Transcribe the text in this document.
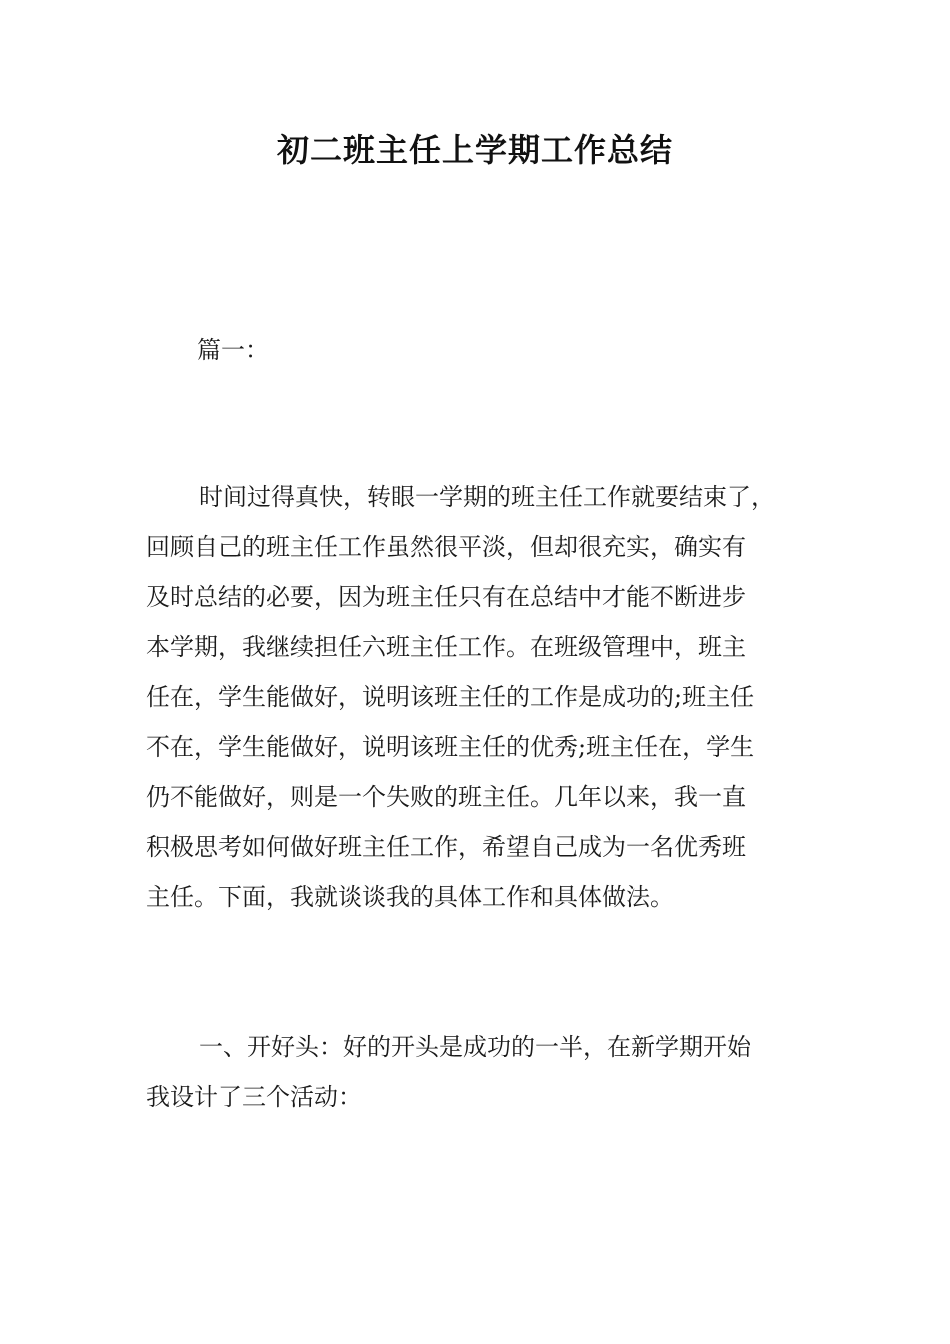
初二班主任上学期工作总结
篇一：
时间过得真快，转眼一学期的班主任工作就要结束了，
回顾自己的班主任工作虽然很平淡，但却很充实，确实有
及时总结的必要，因为班主任只有在总结中才能不断进步
本学期，我继续担任六班主任工作。在班级管理中，班主
任在，学生能做好，说明该班主任的工作是成功的;班主任
不在，学生能做好，说明该班主任的优秀;班主任在，学生
仍不能做好，则是一个失败的班主任。几年以来，我一直
积极思考如何做好班主任工作，希望自己成为一名优秀班
主任。下面，我就谈谈我的具体工作和具体做法。
一、开好头：好的开头是成功的一半，在新学期开始
我设计了三个活动：
